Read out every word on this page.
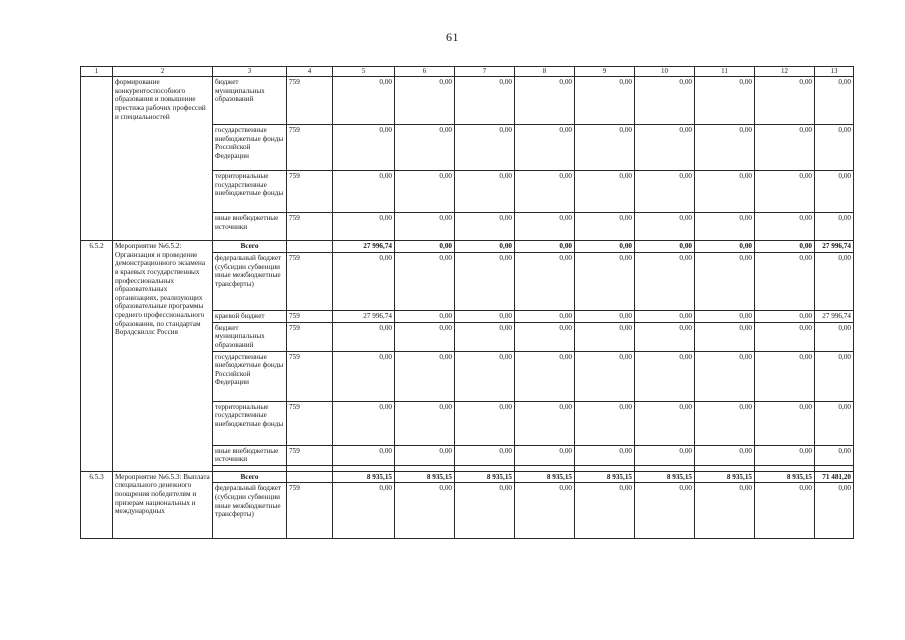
61
1	2	3	4	5	6	7	8	9	10	11	12	13
	формирование конкурентоспособного образования и повышение престижа рабочих профессий и специальностей	бюджет муниципальных образований	759	0,00	0,00	0,00	0,00	0,00	0,00	0,00	0,00	0,00
		государственные внебюджетные фонды Российской Федерации	759	0,00	0,00	0,00	0,00	0,00	0,00	0,00	0,00	0,00
		территориальные государственные внебюджетные фонды	759	0,00	0,00	0,00	0,00	0,00	0,00	0,00	0,00	0,00
		иные внебюджетные источники	759	0,00	0,00	0,00	0,00	0,00	0,00	0,00	0,00	0,00
6.5.2	Мероприятие №6.5.2: Организация и проведение демонстрационного экзамена в краевых государственных профессиональных образовательных организациях, реализующих образовательные программы среднего профессионального образования, по стандартам Ворлдскиллс Россия	Всего		27 996,74	0,00	0,00	0,00	0,00	0,00	0,00	0,00	27 996,74
		федеральный бюджет (субсидии субвенции иные межбюджетные трансферты)	759	0,00	0,00	0,00	0,00	0,00	0,00	0,00	0,00	0,00
		краевой бюджет	759	27 996,74	0,00	0,00	0,00	0,00	0,00	0,00	0,00	27 996,74
		бюджет муниципальных образований	759	0,00	0,00	0,00	0,00	0,00	0,00	0,00	0,00	0,00
		государственные внебюджетные фонды Российской Федерации	759	0,00	0,00	0,00	0,00	0,00	0,00	0,00	0,00	0,00
		территориальные государственные внебюджетные фонды	759	0,00	0,00	0,00	0,00	0,00	0,00	0,00	0,00	0,00
		иные внебюджетные источники	759	0,00	0,00	0,00	0,00	0,00	0,00	0,00	0,00	0,00

6.5.3	Мероприятие №6.5.3: Выплата специального денежного поощрения победителям и призерам национальных и международных	Всего		8 935,15	8 935,15	8 935,15	8 935,15	8 935,15	8 935,15	8 935,15	8 935,15	71 481,20
		федеральный бюджет (субсидии субвенции иные межбюджетные трансферты)	759	0,00	0,00	0,00	0,00	0,00	0,00	0,00	0,00	0,00
